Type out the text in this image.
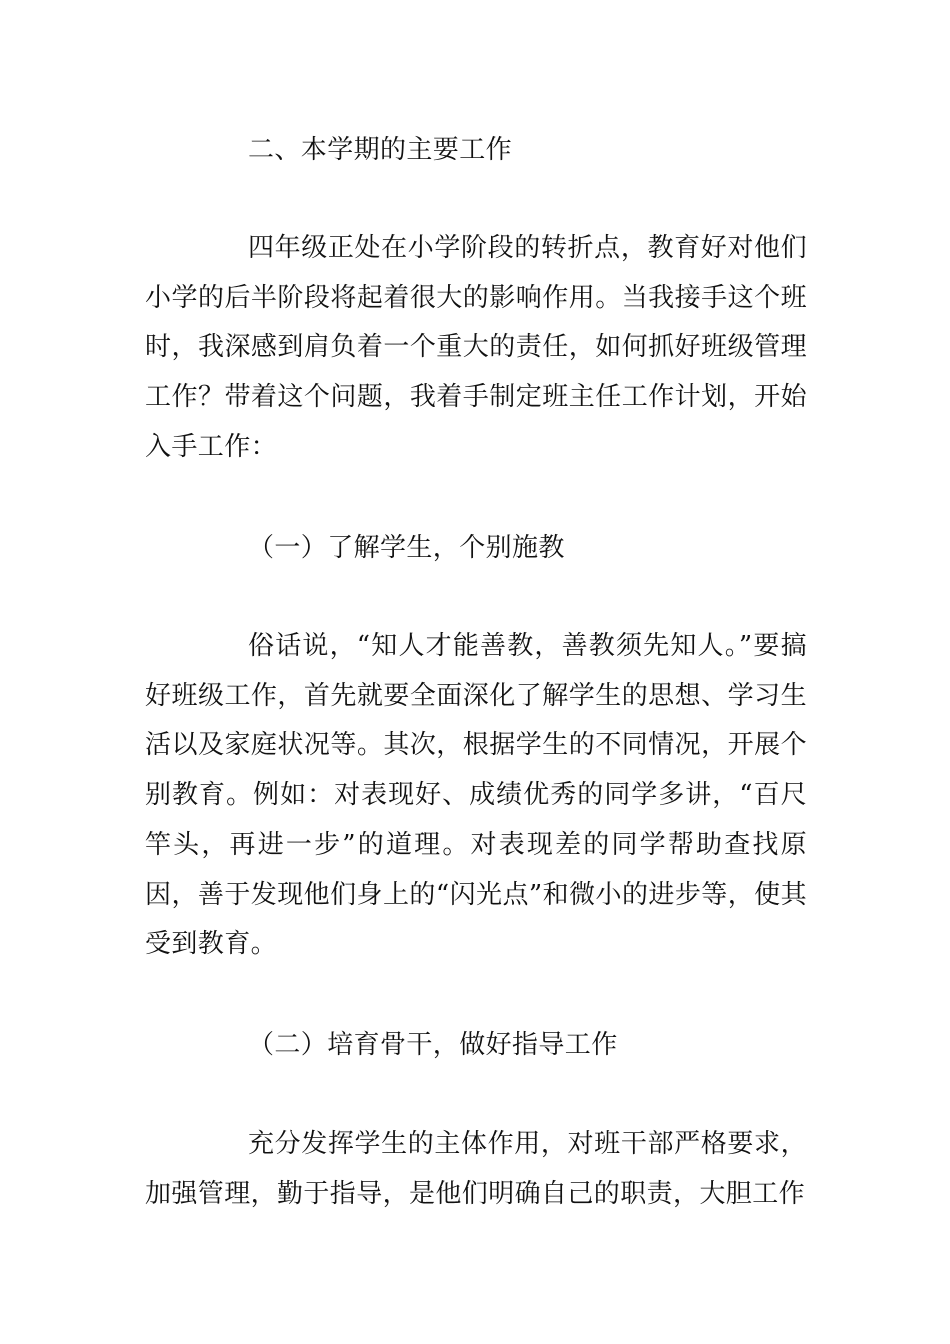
二、本学期的主要工作

四年级正处在小学阶段的转折点，教育好对他们小学的后半阶段将起着很大的影响作用。当我接手这个班时，我深感到肩负着一个重大的责任，如何抓好班级管理工作？带着这个问题，我着手制定班主任工作计划，开始入手工作：

（一）了解学生，个别施教

俗话说，“知人才能善教，善教须先知人。”要搞好班级工作，首先就要全面深化了解学生的思想、学习生活以及家庭状况等。其次，根据学生的不同情况，开展个别教育。例如：对表现好、成绩优秀的同学多讲，“百尺竿头，再进一步”的道理。对表现差的同学帮助查找原因，善于发现他们身上的“闪光点”和微小的进步等，使其受到教育。

（二）培育骨干，做好指导工作

充分发挥学生的主体作用，对班干部严格要求，加强管理，勤于指导，是他们明确自己的职责，大胆工作
